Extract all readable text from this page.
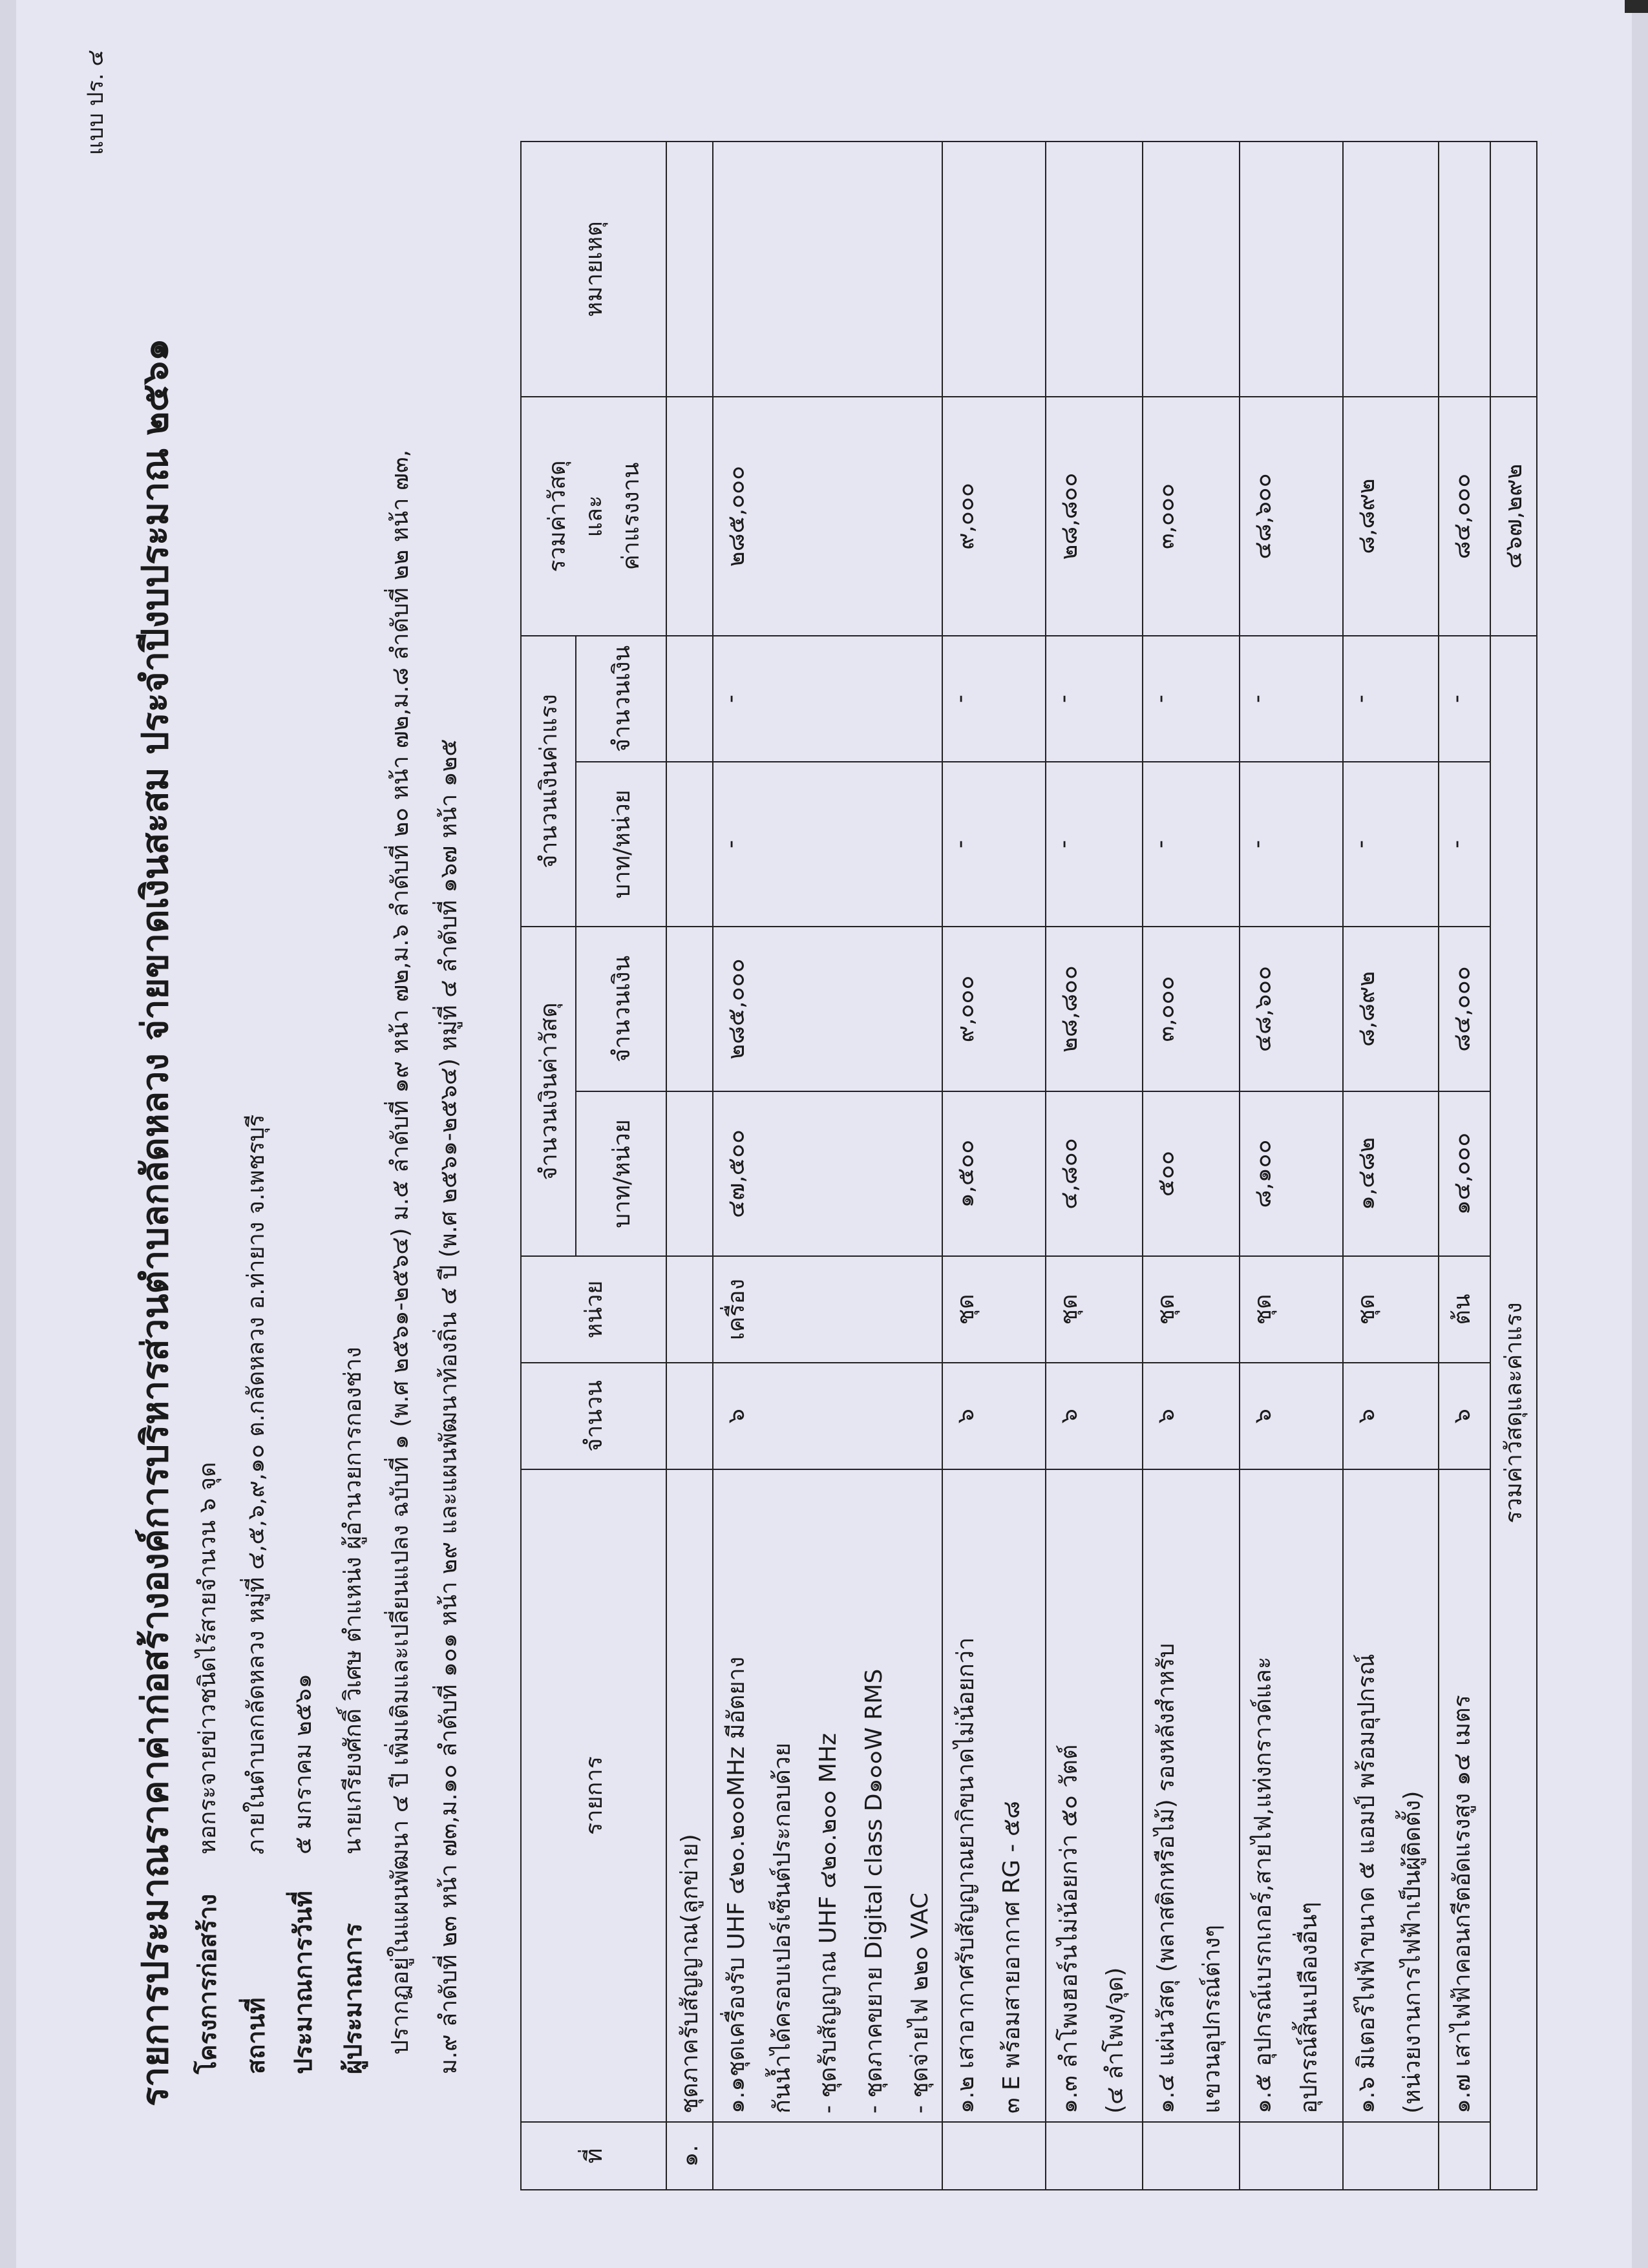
แบบ ปร. ๔
รายการประมาณราคาค่าก่อสร้างองค์การบริหารส่วนตำบลกลัดหลวง จ่ายขาดเงินสะสม ประจำปีงบประมาณ ๒๕๖๑ โครงการก่อสร้าง
หอกระจายข่าวชนิดไร้สายจำนวน ๖ จุด
สถานที่
ภายในตำบลกลัดหลวง หมู่ที่ ๔,๕,๖,๙,๑๐ ต.กลัดหลวง อ.ท่ายาง จ.เพชรบุรี
ประมาณการวันที่
๕ มกราคม ๒๕๖๑
ผู้ประมาณการ
นายเกรียงศักดิ์ วิเศษ ตำแหน่ง ผู้อำนวยการกองช่าง ปรากฏอยู่ในแผนพัฒนา ๔ ปี เพิ่มเติมและเปลี่ยนแปลง ฉบับที่ ๑ (พ.ศ ๒๕๖๑-๒๕๖๔) ม.๕ ลำดับที่ ๑๙ หน้า ๗๒,ม.๖ ลำดับที่ ๒๐ หน้า ๗๒,ม.๘ ลำดับที่ ๒๒ หน้า ๗๓, ม.๙ ลำดับที่ ๒๓ หน้า ๗๓,ม.๑๐ ลำดับที่ ๑๐๑ หน้า ๒๙ และแผนพัฒนาท้องถิ่น ๔ ปี (พ.ศ ๒๕๖๑-๒๕๖๔) หมู่ที่ ๔ ลำดับที่ ๑๖๗ หน้า ๑๒๕
ที่	รายการ	จำนวน	หน่วย	จำนวนเงินค่าวัสดุ		จำนวนเงินค่าแรง		รวมค่าวัสดุ และ ค่าแรงงาน	หมายเหตุ
				บาท/หน่วย	จำนวนเงิน	บาท/หน่วย	จำนวนเงิน		
๑.	ชุดภาครับสัญญาณ(ลูกข่าย)								

	๑.๑ชุดเครื่องรับ UHF ๔๒๐.๒๐๐MHz มีอัตยาง กันน้ำได้ครอบเปอร์เซ็นต์ประกอบด้วย - ชุดรับสัญญาณ UHF ๔๒๐.๒๐๐ MHz - ชุดภาคขยาย Digital class D๑๐๐W RMS - ชุดจ่ายไฟ ๒๒๐ VAC	๖	เครื่อง	๔๗,๕๐๐	๒๘๕,๐๐๐	-	-	๒๘๕,๐๐๐	

	๑.๒ เสาอากาศรับสัญญาณยากิขนาดไม่น้อยกว่า ๓ E พร้อมสายอากาศ RG - ๕๘	๖	ชุด	๑,๕๐๐	๙,๐๐๐	-	-	๙,๐๐๐	

	๑.๓ ลำโพงฮอร์นไม่น้อยกว่า ๕๐ วัตต์ (๔ ลำโพง/จุด)	๖	ชุด	๔,๘๐๐	๒๘,๘๐๐	-	-	๒๘,๘๐๐	

	๑.๔ แผ่นวัสดุ (พลาสติกหรือไม้) รองหลังสำหรับ แขวนอุปกรณ์ต่างๆ	๖	ชุด	๕๐๐	๓,๐๐๐	-	-	๓,๐๐๐	

	๑.๕ อุปกรณ์เบรกเกอร์,สายไฟ,แท่งกราวด์และ อุปกรณ์สิ้นเปลืองอื่นๆ	๖	ชุด	๘,๑๐๐	๔๘,๖๐๐	-	-	๔๘,๖๐๐	

	๑.๖ มิเตอร์ไฟฟ้าขนาด ๕ แอมป์ พร้อมอุปกรณ์ (หน่วยงานการไฟฟ้าเป็นผู้ติดตั้ง)	๖	ชุด	๑,๔๘๒	๘,๘๙๒	-	-	๘,๘๙๒	

	๑.๗ เสาไฟฟ้าคอนกรีตอัดแรงสูง ๑๔ เมตร	๖	ต้น	๑๔,๐๐๐	๘๔,๐๐๐	-	-	๘๔,๐๐๐	
รวมค่าวัสดุและค่าแรง								๔๖๗,๒๙๒	
